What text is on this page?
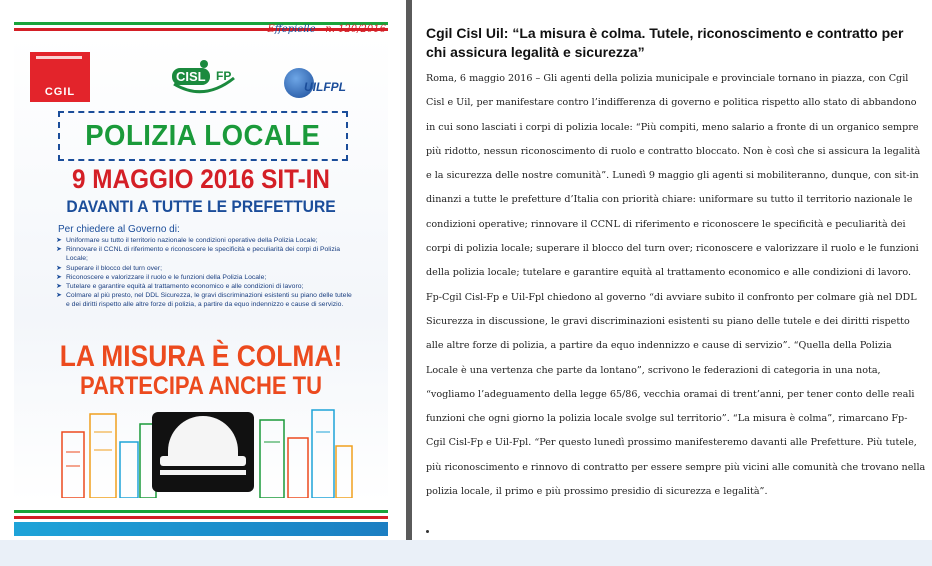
Effepielle - n. 120/2016
CGIL
CISL FP
UILFPL
POLIZIA LOCALE
9 MAGGIO 2016 SIT-IN
DAVANTI A TUTTE LE PREFETTURE
Per chiedere al Governo di:
➤ Uniformare su tutto il territorio nazionale le condizioni operative della Polizia Locale;
➤ Rinnovare il CCNL di riferimento e riconoscere le specificità e peculiarità dei corpi di Polizia Locale;
➤ Superare il blocco del turn over;
➤ Riconoscere e valorizzare il ruolo e le funzioni della Polizia Locale;
➤ Tutelare e garantire equità al trattamento economico e alle condizioni di lavoro;
➤ Colmare al più presto, nel DDL Sicurezza, le gravi discriminazioni esistenti su piano delle tutele e dei diritti rispetto alle altre forze di polizia, a partire da equo indennizzo e cause di servizio.
LA MISURA È COLMA!
PARTECIPA ANCHE TU
Cgil Cisl Uil: “La misura è colma. Tutele, riconoscimento e contratto per chi assicura legalità e sicurezza”

Roma, 6 maggio 2016 – Gli agenti della polizia municipale e provinciale tornano in piazza, con Cgil Cisl e Uil, per manifestare contro l’indifferenza di governo e politica rispetto allo stato di abbandono in cui sono lasciati i corpi di polizia locale: “Più compiti, meno salario a fronte di un organico sempre più ridotto, nessun riconoscimento di ruolo e contratto bloccato. Non è così che si assicura la legalità e la sicurezza delle nostre comunità”. Lunedì 9 maggio gli agenti si mobiliteranno, dunque, con sit-in dinanzi a tutte le prefetture d’Italia con priorità chiare: uniformare su tutto il territorio nazionale le condizioni operative; rinnovare il CCNL di riferimento e riconoscere le specificità e peculiarità dei corpi di polizia locale; superare il blocco del turn over; riconoscere e valorizzare il ruolo e le funzioni della polizia locale; tutelare e garantire equità al trattamento economico e alle condizioni di lavoro. Fp-Cgil Cisl-Fp e Uil-Fpl chiedono al governo “di avviare subito il confronto per colmare già nel DDL Sicurezza in discussione, le gravi discriminazioni esistenti su piano delle tutele e dei diritti rispetto alle altre forze di polizia, a partire da equo indennizzo e cause di servizio”. “Quella della Polizia Locale è una vertenza che parte da lontano”, scrivono le federazioni di categoria in una nota, “vogliamo l’adeguamento della legge 65/86, vecchia oramai di trent’anni, per tener conto delle reali funzioni che ogni giorno la polizia locale svolge sul territorio”. “La misura è colma”, rimarcano Fp-Cgil Cisl-Fp e Uil-Fpl. “Per questo lunedì prossimo manifesteremo davanti alle Prefetture. Più tutele, più riconoscimento e rinnovo di contratto per essere sempre più vicini alle comunità che trovano nella polizia locale, il primo e più prossimo presidio di sicurezza e legalità”.
